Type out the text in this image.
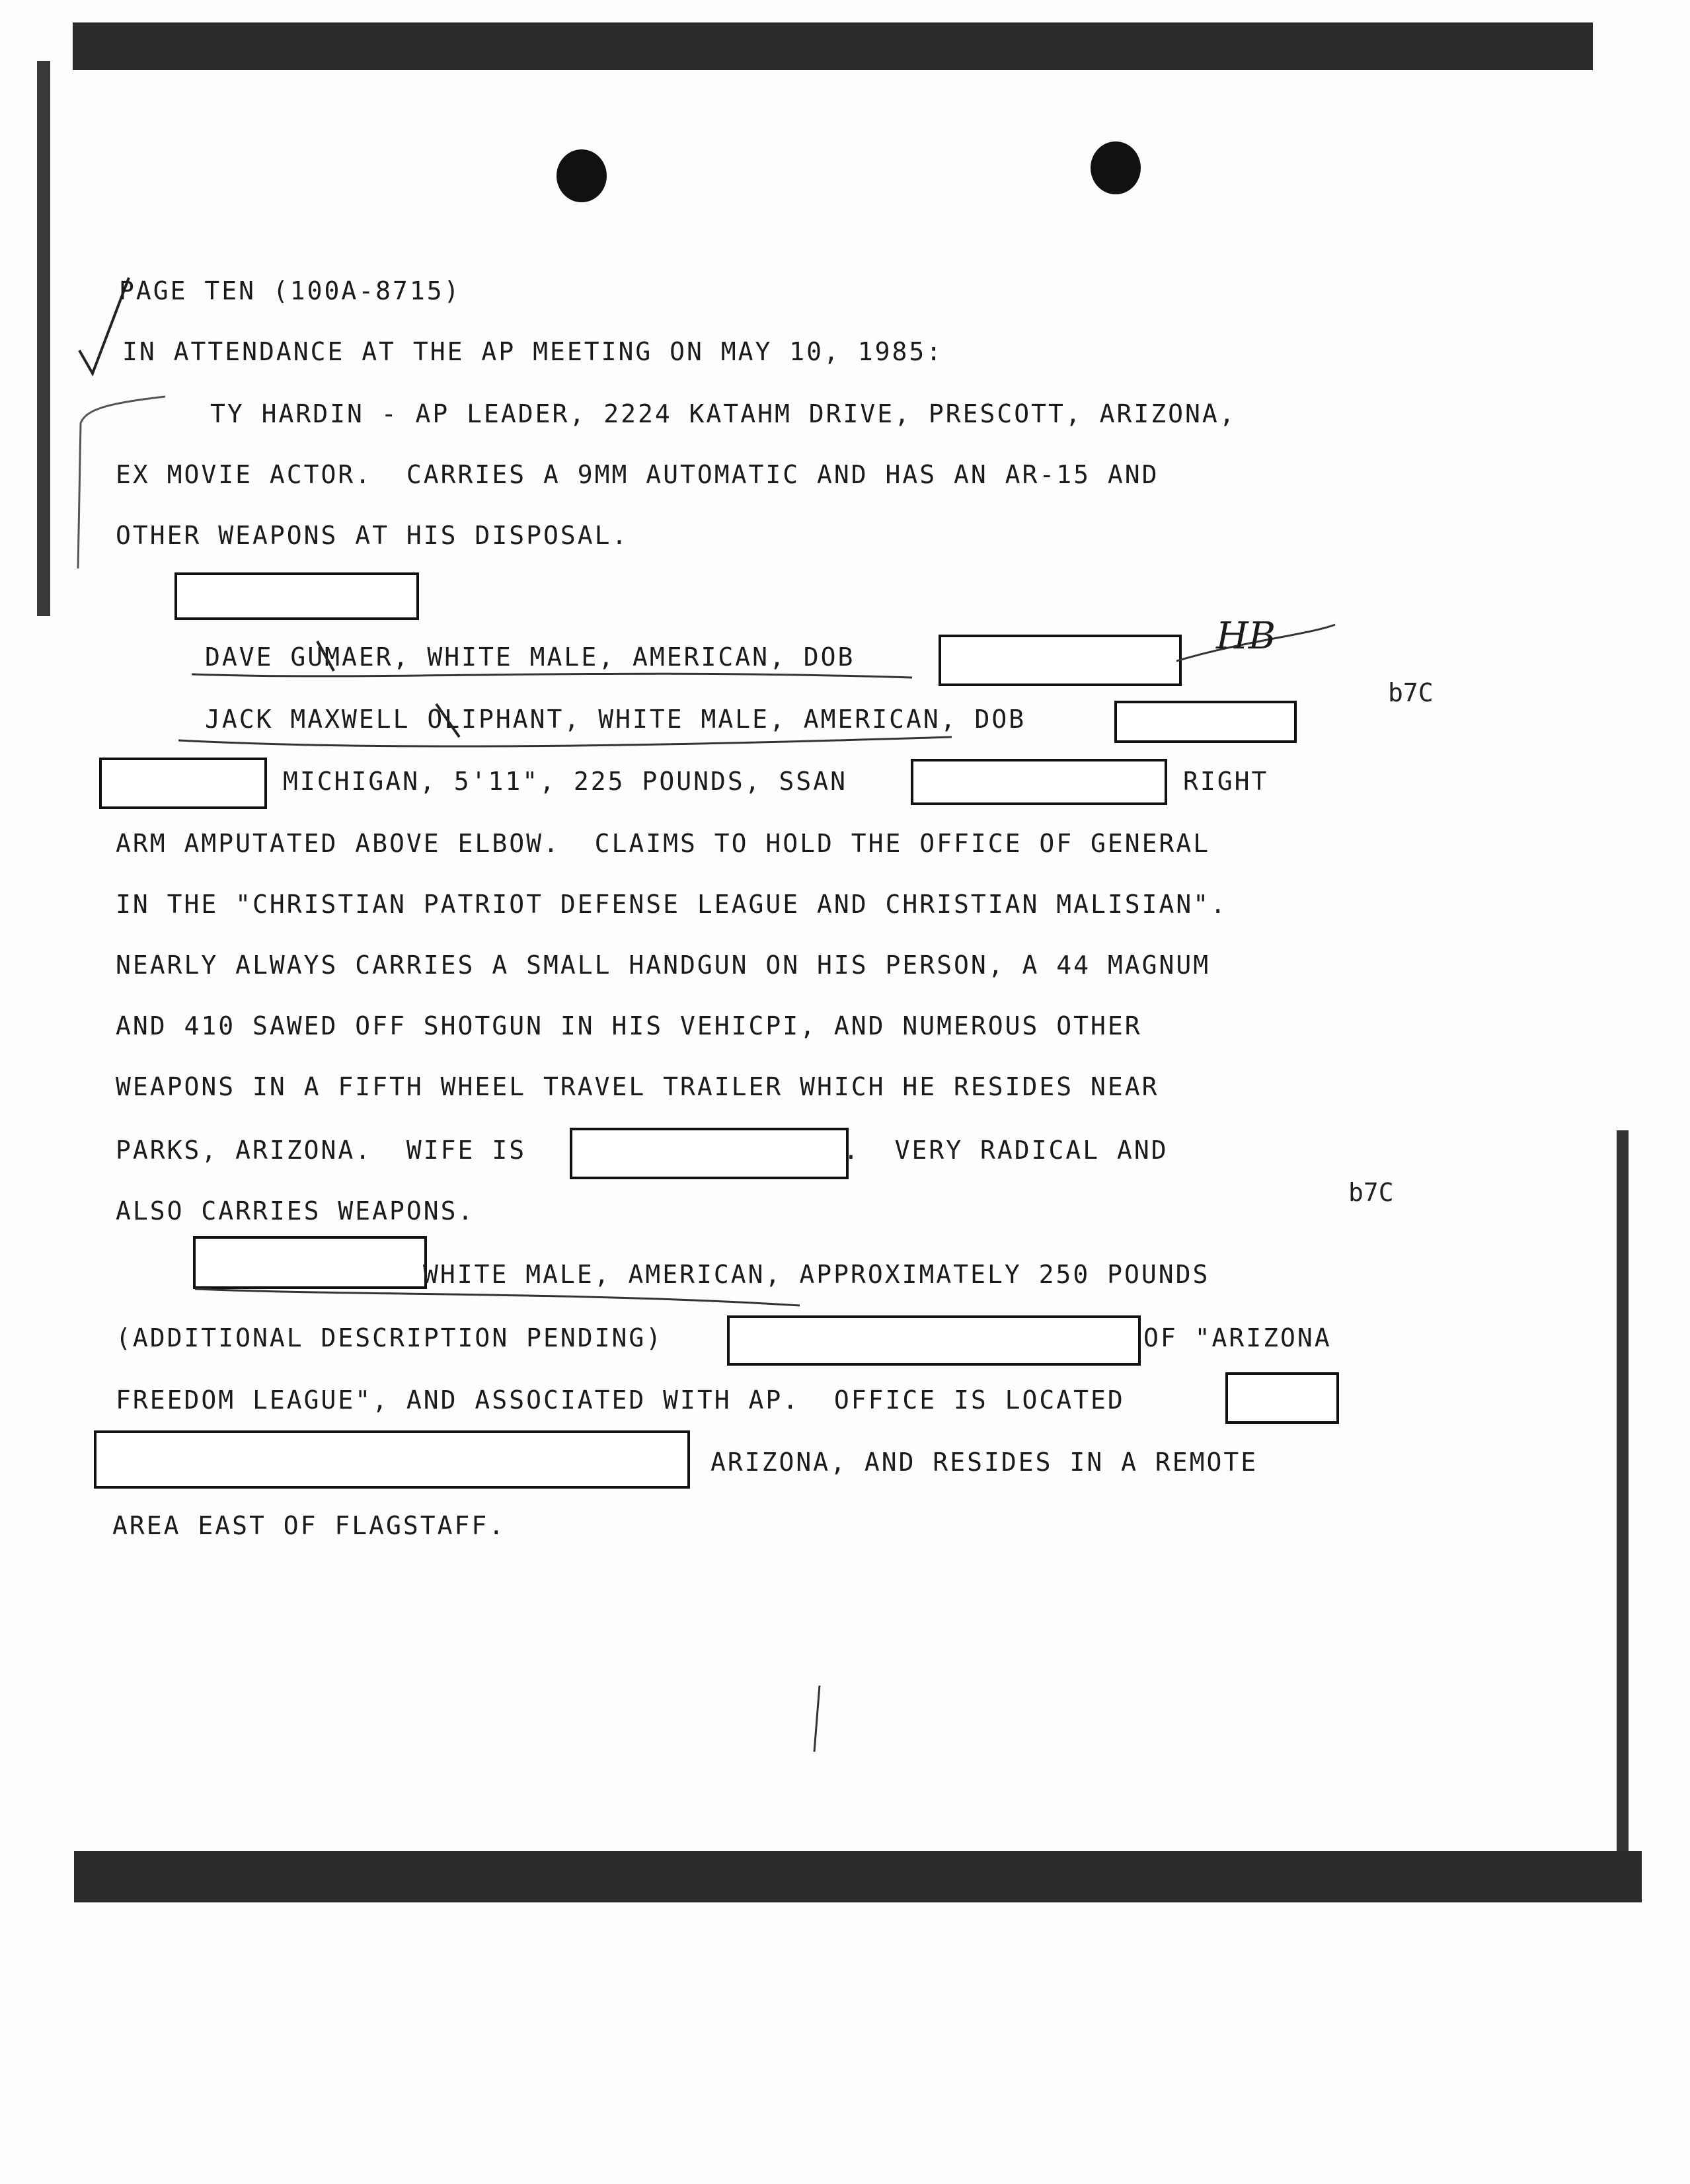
PAGE TEN (100A-8715)
IN ATTENDANCE AT THE AP MEETING ON MAY 10, 1985:
TY HARDIN - AP LEADER, 2224 KATAHM DRIVE, PRESCOTT, ARIZONA,
EX MOVIE ACTOR.  CARRIES A 9MM AUTOMATIC AND HAS AN AR-15 AND
OTHER WEAPONS AT HIS DISPOSAL.
DAVE GUMAER, WHITE MALE, AMERICAN, DOB	HB
b7C
JACK MAXWELL OLIPHANT, WHITE MALE, AMERICAN, DOB
MICHIGAN, 5'11", 225 POUNDS, SSAN	RIGHT
ARM AMPUTATED ABOVE ELBOW.  CLAIMS TO HOLD THE OFFICE OF GENERAL
IN THE "CHRISTIAN PATRIOT DEFENSE LEAGUE AND CHRISTIAN MALISIAN".
NEARLY ALWAYS CARRIES A SMALL HANDGUN ON HIS PERSON, A 44 MAGNUM
AND 410 SAWED OFF SHOTGUN IN HIS VEHICPI, AND NUMEROUS OTHER
WEAPONS IN A FIFTH WHEEL TRAVEL TRAILER WHICH HE RESIDES NEAR
PARKS, ARIZONA.  WIFE IS	.  VERY RADICAL AND
ALSO CARRIES WEAPONS.
b7C
WHITE MALE, AMERICAN, APPROXIMATELY 250 POUNDS
(ADDITIONAL DESCRIPTION PENDING)	OF "ARIZONA
FREEDOM LEAGUE", AND ASSOCIATED WITH AP.  OFFICE IS LOCATED
ARIZONA, AND RESIDES IN A REMOTE
AREA EAST OF FLAGSTAFF.
